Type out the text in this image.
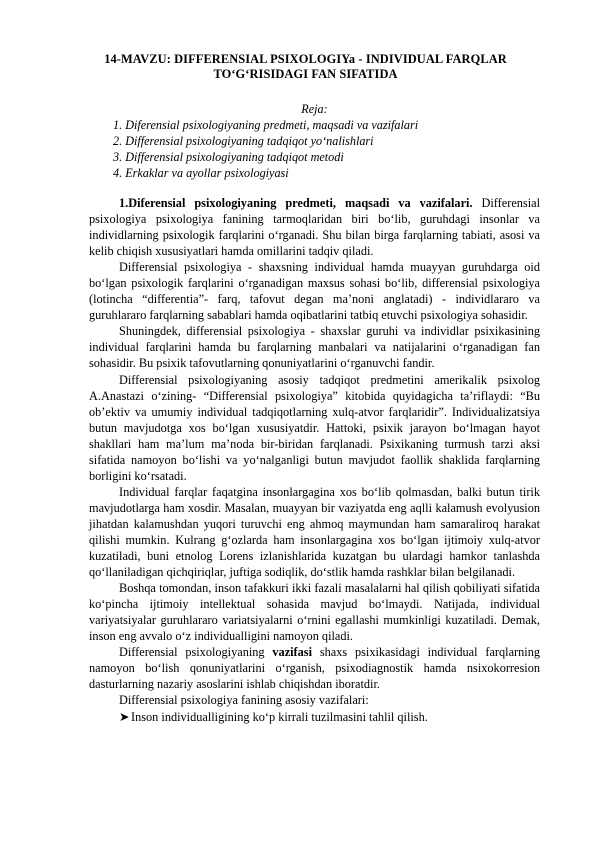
14-MAVZU: DIFFERENSIAL PSIXOLOGIYa - INDIVIDUAL FARQLAR TO‘G‘RISIDAGI FAN SIFATIDA
Reja:
1. Diferensial psixologiyaning predmeti, maqsadi va vazifalari
2. Differensial psixologiyaning tadqiqot yo‘nalishlari
3. Differensial psixologiyaning tadqiqot metodi
4. Erkaklar va ayollar psixologiyasi

1.Diferensial psixologiyaning predmeti, maqsadi va vazifalari. Differensial psixologiya psixologiya fanining tarmoqlaridan biri bo‘lib, guruhdagi insonlar va individlarning psixologik farqlarini o‘rganadi. Shu bilan birga farqlarning tabiati, asosi va kelib chiqish xususiyatlari hamda omillarini tadqiv qiladi.

Differensial psixologiya - shaxsning individual hamda muayyan guruhdarga oid bo‘lgan psixologik farqlarini o‘rganadigan maxsus sohasi bo‘lib, differensial psixologiya (lotincha “differentia”- farq, tafovut degan ma’noni anglatadi) - individlararo va guruhlararo farqlarning sabablari hamda oqibatlarini tatbiq etuvchi psixologiya sohasidir.

Shuningdek, differensial psixologiya - shaxslar guruhi va individlar psixikasining individual farqlarini hamda bu farqlarning manbalari va natijalarini o‘rganadigan fan sohasidir. Bu psixik tafovutlarning qonuniyatlarini o‘rganuvchi fandir.

Differensial psixologiyaning asosiy tadqiqot predmetini amerikalik psixolog A.Anastazi o‘zining- “Differensial psixologiya” kitobida quyidagicha ta’riflaydi: “Bu ob’ektiv va umumiy individual tadqiqotlarning xulq-atvor farqlaridir”. Individualizatsiya butun mavjudotga xos bo‘lgan xususiyatdir. Hattoki, psixik jarayon bo‘lmagan hayot shakllari ham ma’lum ma’noda bir-biridan farqlanadi. Psixikaning turmush tarzi aksi sifatida namoyon bo‘lishi va yo‘nalganligi butun mavjudot faollik shaklida farqlarning borligini ko‘rsatadi.

Individual farqlar faqatgina insonlargagina xos bo‘lib qolmasdan, balki butun tirik mavjudotlarga ham xosdir. Masalan, muayyan bir vaziyatda eng aqlli kalamush evolyusion jihatdan kalamushdan yuqori turuvchi eng ahmoq maymundan ham samaraliroq harakat qilishi mumkin. Kulrang g‘ozlarda ham insonlargagina xos bo‘lgan ijtimoiy xulq-atvor kuzatiladi, buni etnolog Lorens izlanishlarida kuzatgan bu ulardagi hamkor tanlashda qo‘llaniladigan qichqiriqlar, juftiga sodiqlik, do‘stlik hamda rashklar bilan belgilanadi.

Boshqa tomondan, inson tafakkuri ikki fazali masalalarni hal qilish qobiliyati sifatida ko‘pincha ijtimoiy intellektual sohasida mavjud bo‘lmaydi. Natijada, individual variyatsiyalar guruhlararo variatsiyalarni o‘rnini egallashi mumkinligi kuzatiladi. Demak, inson eng avvalo o‘z individualligini namoyon qiladi.

Differensial psixologiyaning vazifasi shaxs psixikasidagi individual farqlarning namoyon bo‘lish qonuniyatlarini o‘rganish, psixodiagnostik hamda nsixokorresion dasturlarning nazariy asoslarini ishlab chiqishdan iboratdir.

Differensial psixologiya fanining asosiy vazifalari:

➤ Inson individualligining ko‘p kirrali tuzilmasini tahlil qilish.
